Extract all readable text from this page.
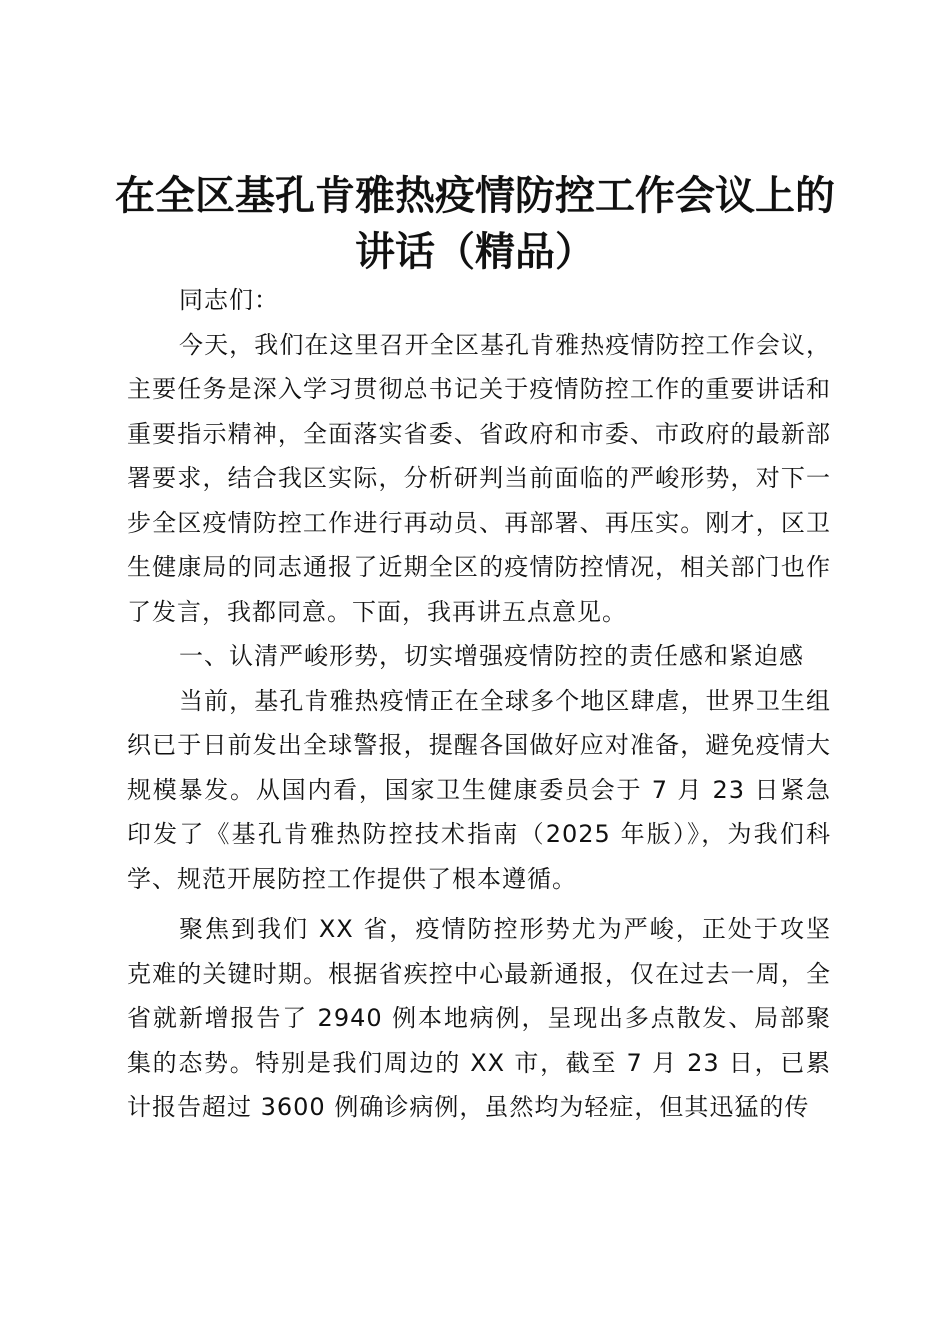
在全区基孔肯雅热疫情防控工作会议上的讲话（精品）

同志们：

今天，我们在这里召开全区基孔肯雅热疫情防控工作会议，主要任务是深入学习贯彻总书记关于疫情防控工作的重要讲话和重要指示精神，全面落实省委、省政府和市委、市政府的最新部署要求，结合我区实际，分析研判当前面临的严峻形势，对下一步全区疫情防控工作进行再动员、再部署、再压实。刚才，区卫生健康局的同志通报了近期全区的疫情防控情况，相关部门也作了发言，我都同意。下面，我再讲五点意见。

一、认清严峻形势，切实增强疫情防控的责任感和紧迫感

当前，基孔肯雅热疫情正在全球多个地区肆虐，世界卫生组织已于日前发出全球警报，提醒各国做好应对准备，避免疫情大规模暴发。从国内看，国家卫生健康委员会于 7 月 23 日紧急印发了《基孔肯雅热防控技术指南（2025 年版）》，为我们科学、规范开展防控工作提供了根本遵循。

聚焦到我们 XX 省，疫情防控形势尤为严峻，正处于攻坚克难的关键时期。根据省疾控中心最新通报，仅在过去一周，全省就新增报告了 2940 例本地病例，呈现出多点散发、局部聚集的态势。特别是我们周边的 XX 市，截至 7 月 23 日，已累计报告超过 3600 例确诊病例，虽然均为轻症，但其迅猛的传
